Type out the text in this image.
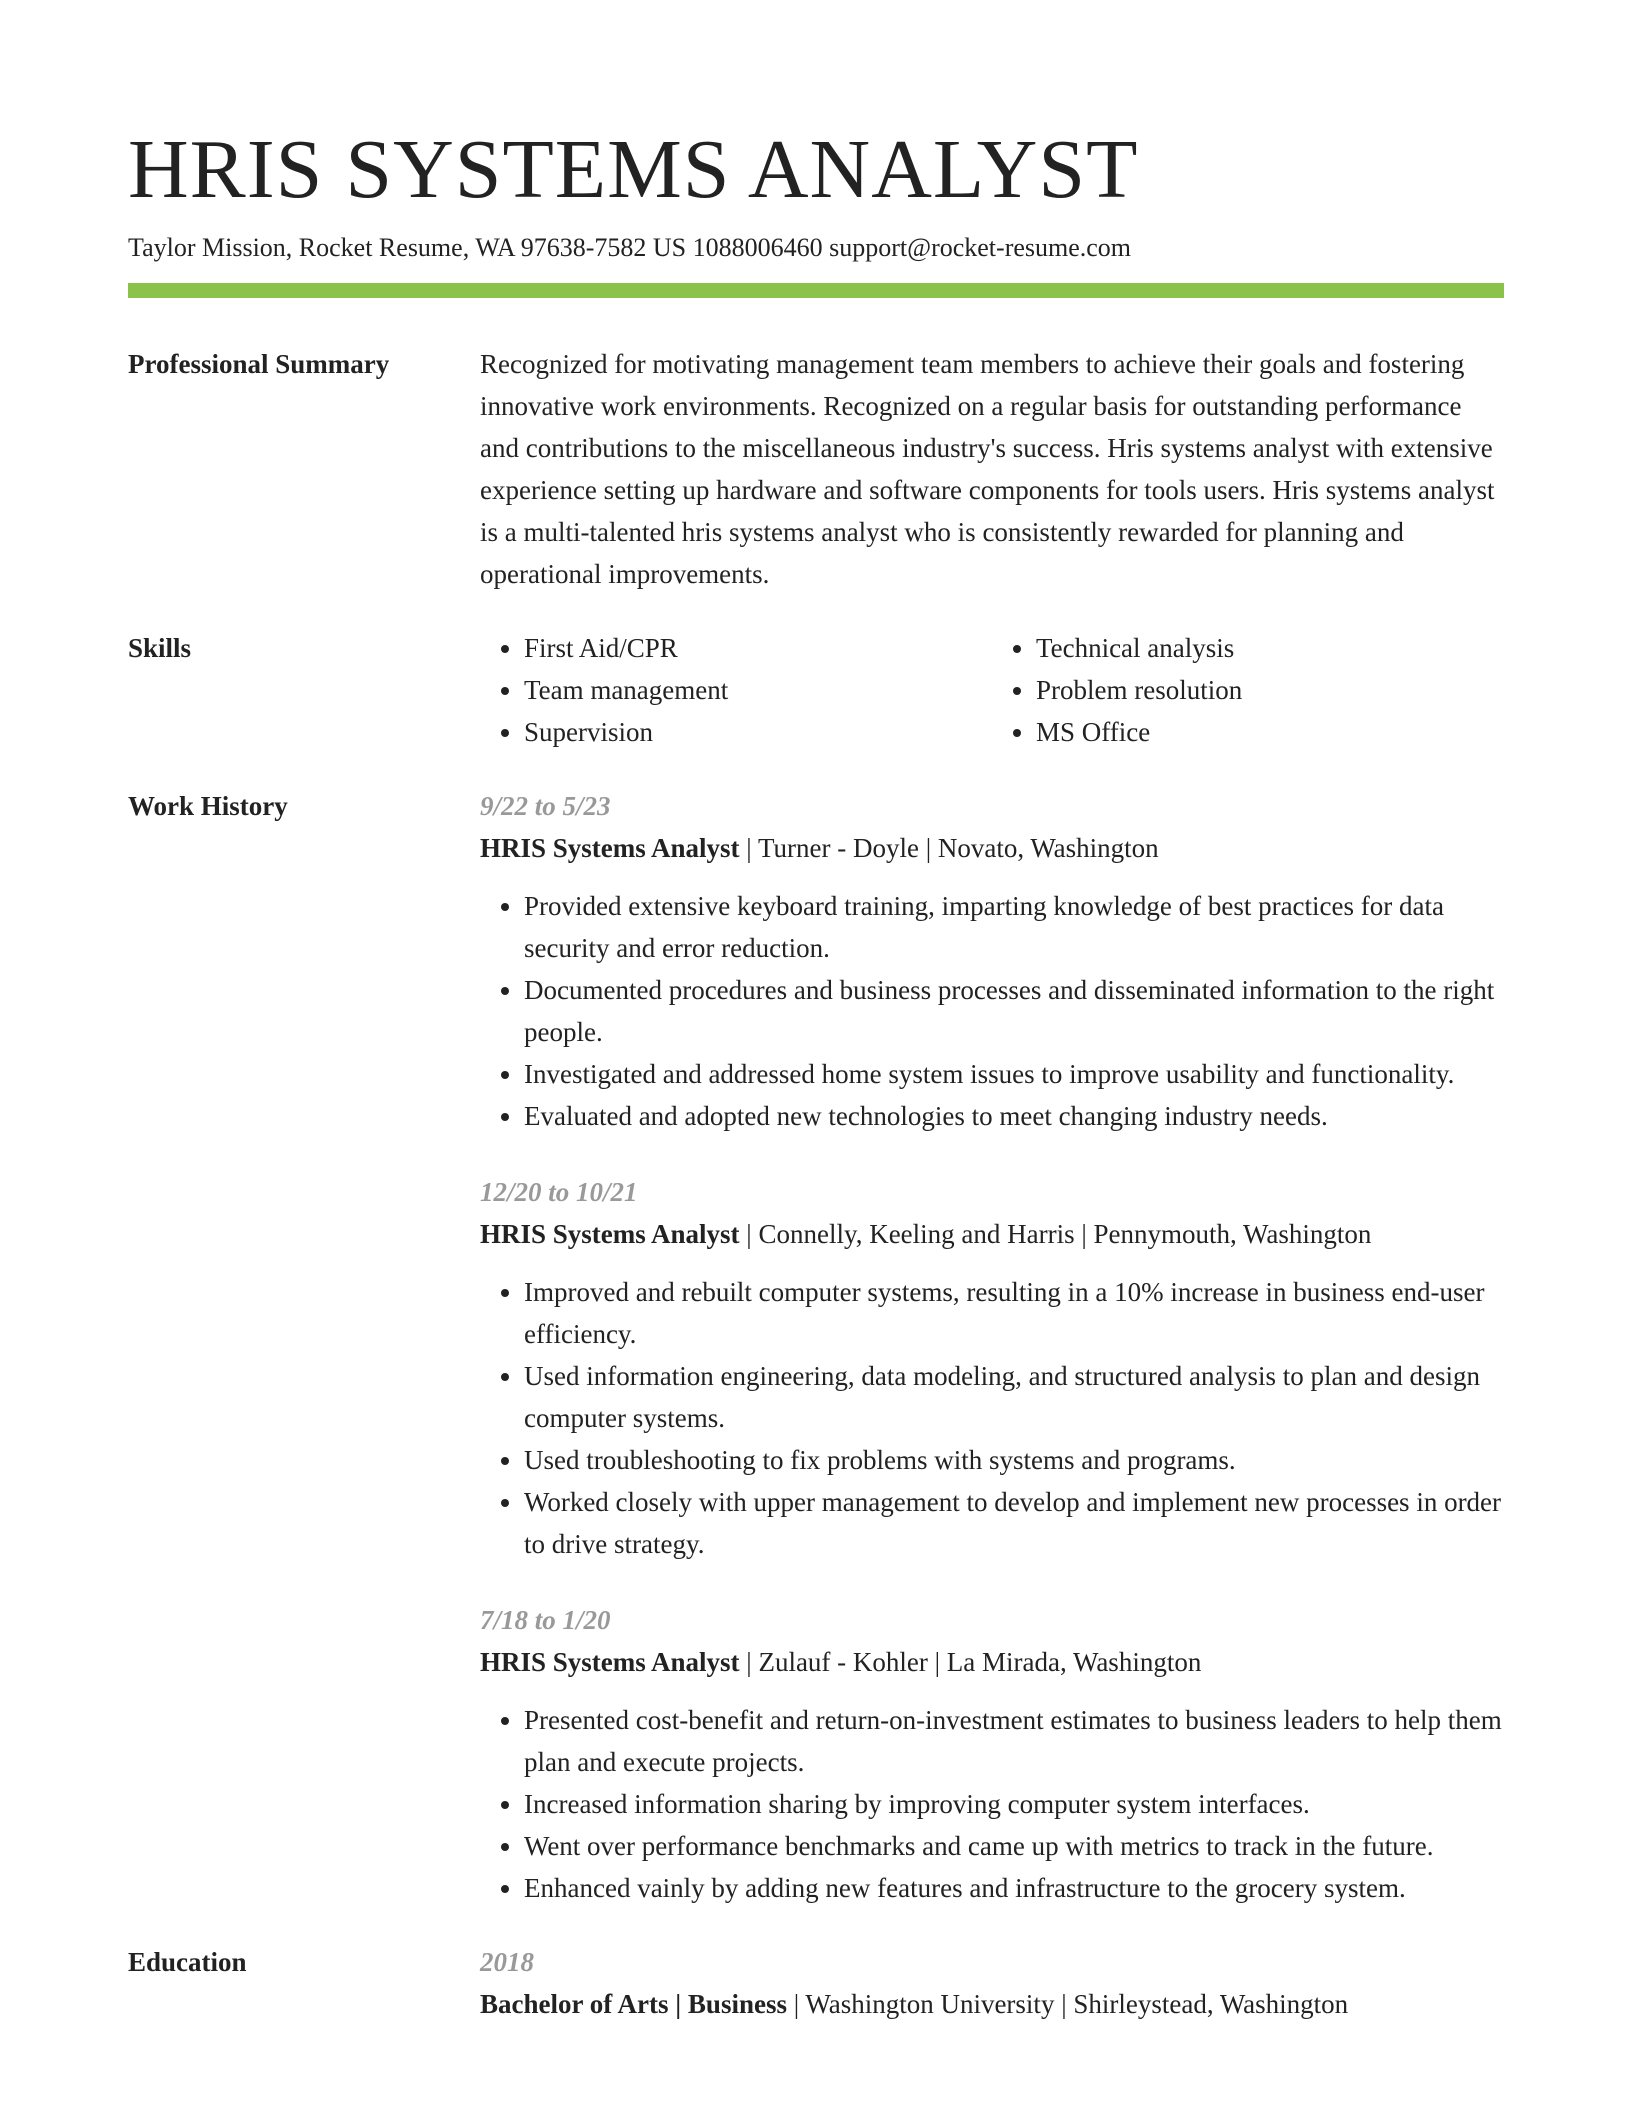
HRIS SYSTEMS ANALYST
Taylor Mission, Rocket Resume, WA 97638-7582 US 1088006460 support@rocket-resume.com
Professional Summary	Recognized for motivating management team members to achieve their goals and fostering innovative work environments. Recognized on a regular basis for outstanding performance and contributions to the miscellaneous industry's success. Hris systems analyst with extensive experience setting up hardware and software components for tools users. Hris systems analyst is a multi-talented hris systems analyst who is consistently rewarded for planning and operational improvements.
Skills
•	First Aid/CPR
• Team management
• Supervision
• Technical analysis
• Problem resolution
• MS Office
Work History	9/22 to 5/23
HRIS Systems Analyst | Turner - Doyle | Novato, Washington
• Provided extensive keyboard training, imparting knowledge of best practices for data security and error reduction.
• Documented procedures and business processes and disseminated information to the right people.
• Investigated and addressed home system issues to improve usability and functionality.
• Evaluated and adopted new technologies to meet changing industry needs.
12/20 to 10/21
HRIS Systems Analyst | Connelly, Keeling and Harris | Pennymouth, Washington
• Improved and rebuilt computer systems, resulting in a 10% increase in business end-user efficiency.
• Used information engineering, data modeling, and structured analysis to plan and design computer systems.
• Used troubleshooting to fix problems with systems and programs.
• Worked closely with upper management to develop and implement new processes in order to drive strategy.
7/18 to 1/20
HRIS Systems Analyst | Zulauf - Kohler | La Mirada, Washington
• Presented cost-benefit and return-on-investment estimates to business leaders to help them plan and execute projects.
• Increased information sharing by improving computer system interfaces.
• Went over performance benchmarks and came up with metrics to track in the future.
• Enhanced vainly by adding new features and infrastructure to the grocery system.
Education	2018
Bachelor of Arts | Business | Washington University | Shirleystead, Washington
